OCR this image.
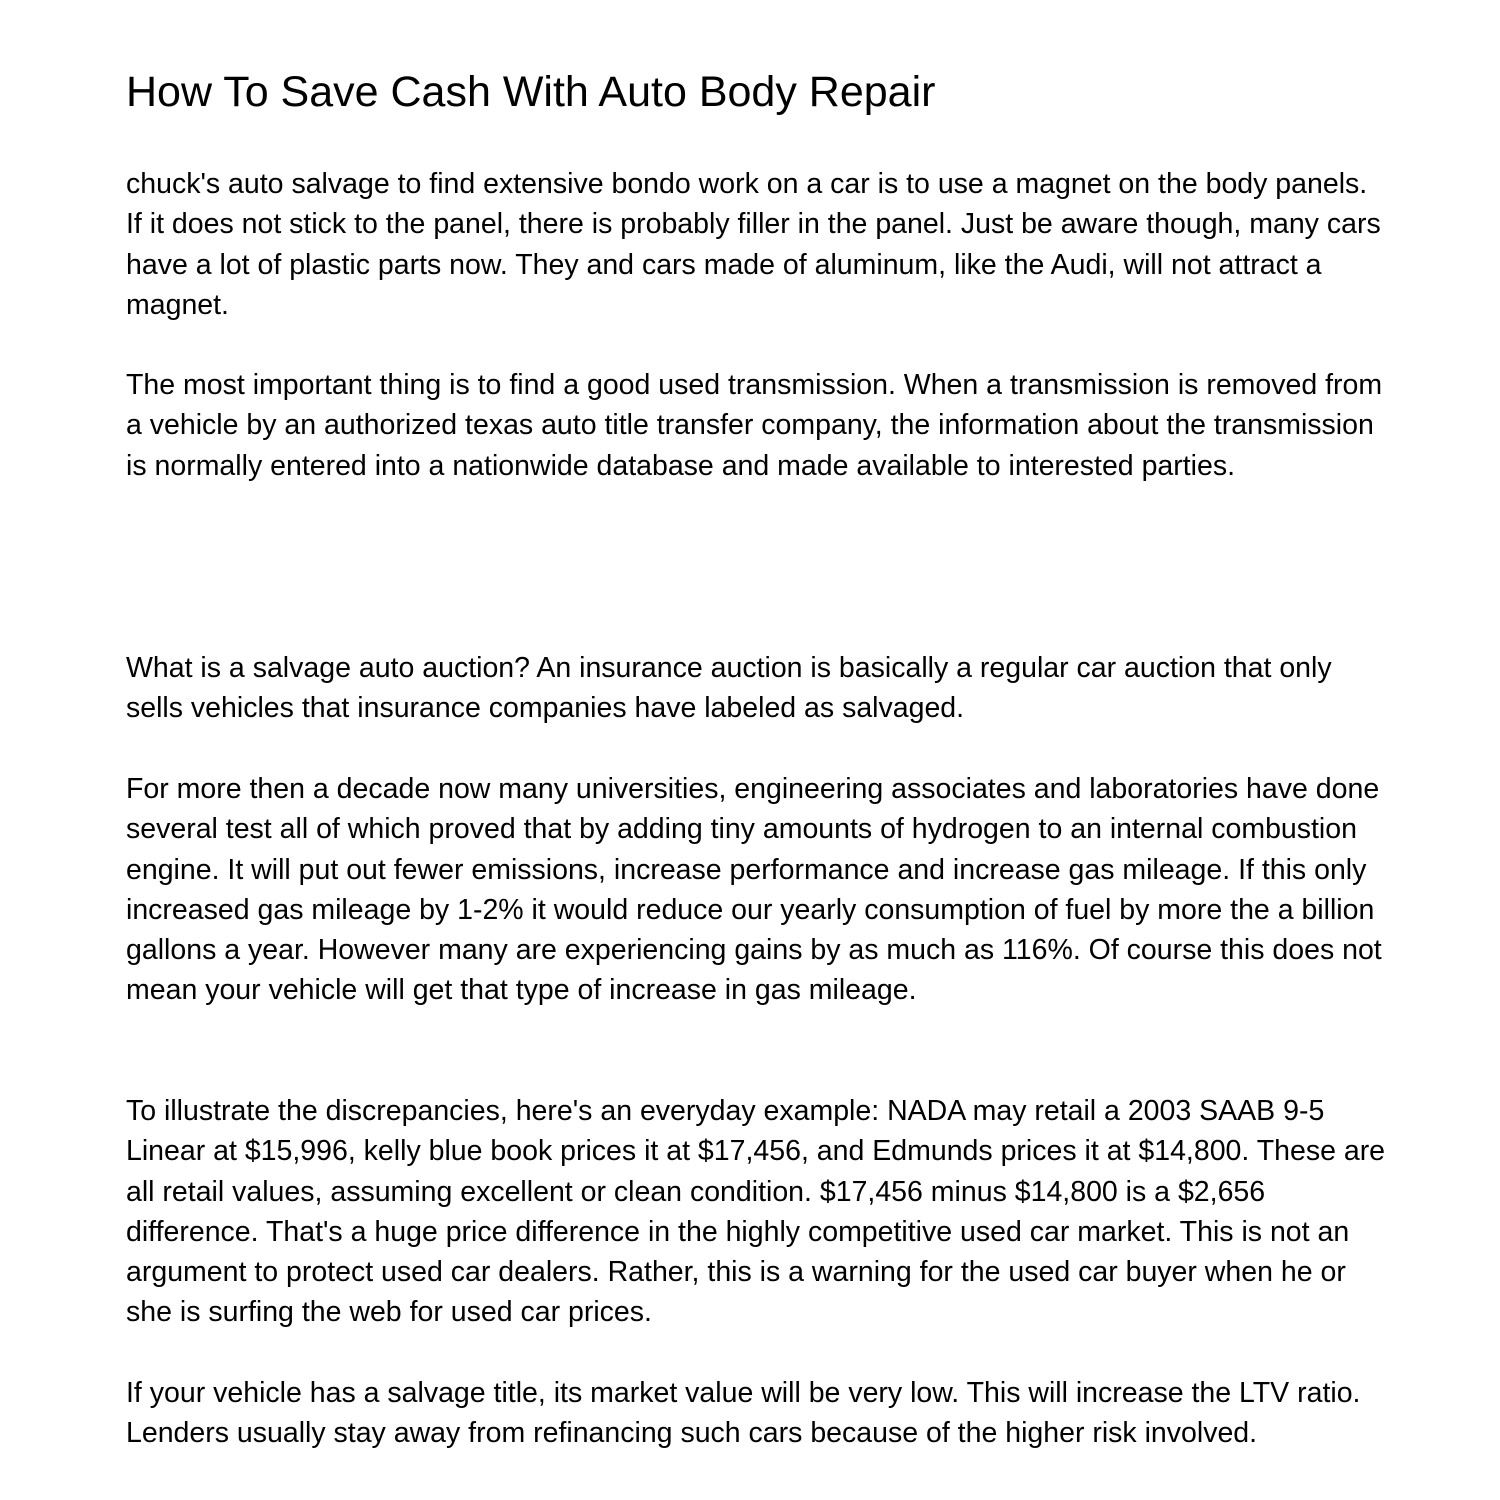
How To Save Cash With Auto Body Repair

chuck's auto salvage to find extensive bondo work on a car is to use a magnet on the body panels. If it does not stick to the panel, there is probably filler in the panel. Just be aware though, many cars have a lot of plastic parts now. They and cars made of aluminum, like the Audi, will not attract a magnet.

The most important thing is to find a good used transmission. When a transmission is removed from a vehicle by an authorized texas auto title transfer company, the information about the transmission is normally entered into a nationwide database and made available to interested parties.

What is a salvage auto auction? An insurance auction is basically a regular car auction that only sells vehicles that insurance companies have labeled as salvaged.

For more then a decade now many universities, engineering associates and laboratories have done several test all of which proved that by adding tiny amounts of hydrogen to an internal combustion engine. It will put out fewer emissions, increase performance and increase gas mileage. If this only increased gas mileage by 1-2% it would reduce our yearly consumption of fuel by more the a billion gallons a year. However many are experiencing gains by as much as 116%. Of course this does not mean your vehicle will get that type of increase in gas mileage.

To illustrate the discrepancies, here's an everyday example: NADA may retail a 2003 SAAB 9-5 Linear at $15,996, kelly blue book prices it at $17,456, and Edmunds prices it at $14,800. These are all retail values, assuming excellent or clean condition. $17,456 minus $14,800 is a $2,656 difference. That's a huge price difference in the highly competitive used car market. This is not an argument to protect used car dealers. Rather, this is a warning for the used car buyer when he or she is surfing the web for used car prices.

If your vehicle has a salvage title, its market value will be very low. This will increase the LTV ratio. Lenders usually stay away from refinancing such cars because of the higher risk involved.
